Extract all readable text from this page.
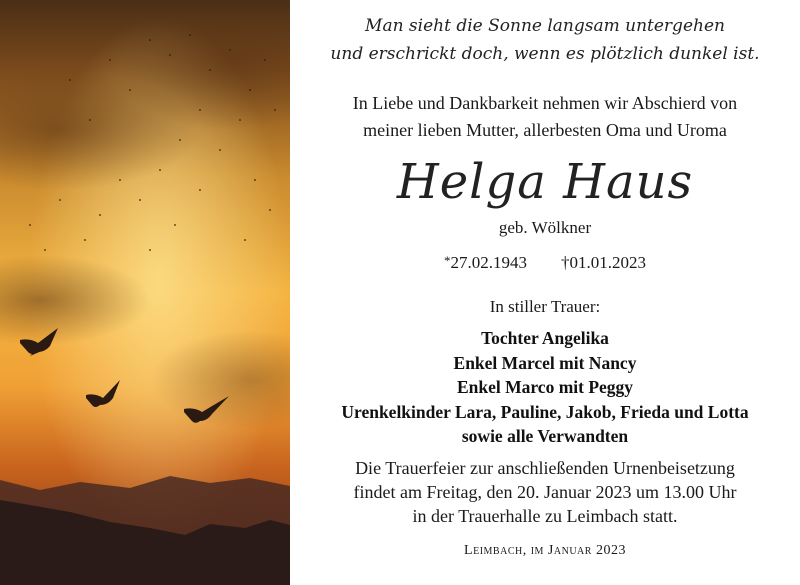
Man sieht die Sonne langsam untergehen
und erschrickt doch, wenn es plötzlich dunkel ist.
In Liebe und Dankbarkeit nehmen wir Abschierd von
meiner lieben Mutter, allerbesten Oma und Uroma
Helga Haus
geb. Wölkner
*27.02.1943 †01.01.2023
In stiller Trauer:
Tochter Angelika
Enkel Marcel mit Nancy
Enkel Marco mit Peggy
Urenkelkinder Lara, Pauline, Jakob, Frieda und Lotta
sowie alle Verwandten
Die Trauerfeier zur anschließenden Urnenbeisetzung
findet am Freitag, den 20. Januar 2023 um 13.00 Uhr
in der Trauerhalle zu Leimbach statt.
Leimbach, im Januar 2023
